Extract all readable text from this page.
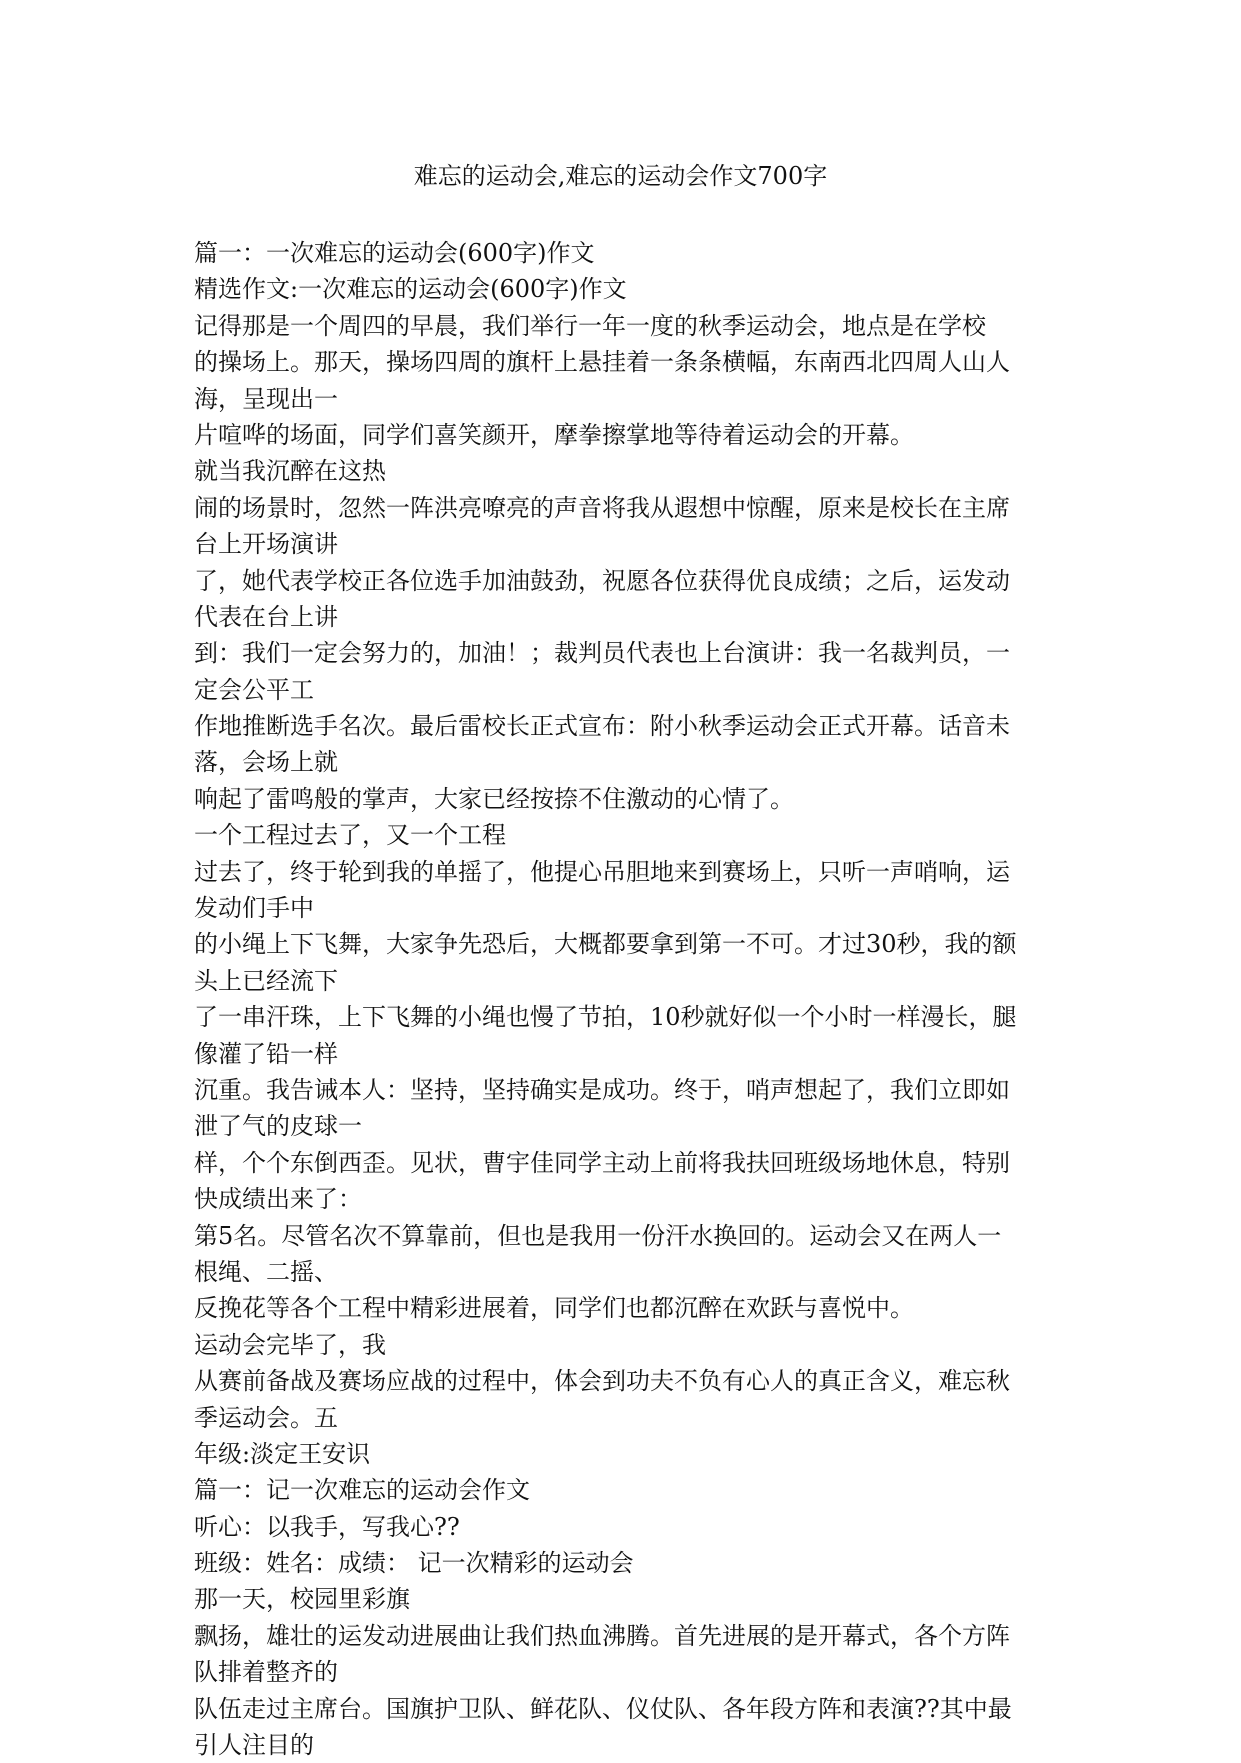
难忘的运动会,难忘的运动会作文700字
篇一：一次难忘的运动会(600字)作文
精选作文:一次难忘的运动会(600字)作文
记得那是一个周四的早晨，我们举行一年一度的秋季运动会，地点是在学校
的操场上。那天，操场四周的旗杆上悬挂着一条条横幅，东南西北四周人山人
海，呈现出一
片喧哗的场面，同学们喜笑颜开，摩拳擦掌地等待着运动会的开幕。
就当我沉醉在这热
闹的场景时，忽然一阵洪亮嘹亮的声音将我从遐想中惊醒，原来是校长在主席
台上开场演讲
了，她代表学校正各位选手加油鼓劲，祝愿各位获得优良成绩；之后，运发动
代表在台上讲
到：我们一定会努力的，加油！；裁判员代表也上台演讲：我一名裁判员，一
定会公平工
作地推断选手名次。最后雷校长正式宣布：附小秋季运动会正式开幕。话音未
落，会场上就
响起了雷鸣般的掌声，大家已经按捺不住激动的心情了。
一个工程过去了，又一个工程
过去了，终于轮到我的单摇了，他提心吊胆地来到赛场上，只听一声哨响，运
发动们手中
的小绳上下飞舞，大家争先恐后，大概都要拿到第一不可。才过30秒，我的额
头上已经流下
了一串汗珠，上下飞舞的小绳也慢了节拍，10秒就好似一个小时一样漫长，腿
像灌了铅一样
沉重。我告诫本人：坚持，坚持确实是成功。终于，哨声想起了，我们立即如
泄了气的皮球一
样，个个东倒西歪。见状，曹宇佳同学主动上前将我扶回班级场地休息，特别
快成绩出来了：
第5名。尽管名次不算靠前，但也是我用一份汗水换回的。运动会又在两人一
根绳、二摇、
反挽花等各个工程中精彩进展着，同学们也都沉醉在欢跃与喜悦中。
运动会完毕了，我
从赛前备战及赛场应战的过程中，体会到功夫不负有心人的真正含义，难忘秋
季运动会。五
年级:淡定王安识
篇一：记一次难忘的运动会作文
听心：以我手，写我心??
班级：姓名：成绩： 记一次精彩的运动会
那一天，校园里彩旗
飘扬，雄壮的运发动进展曲让我们热血沸腾。首先进展的是开幕式，各个方阵
队排着整齐的
队伍走过主席台。国旗护卫队、鲜花队、仪仗队、各年段方阵和表演??其中最
引人注目的
